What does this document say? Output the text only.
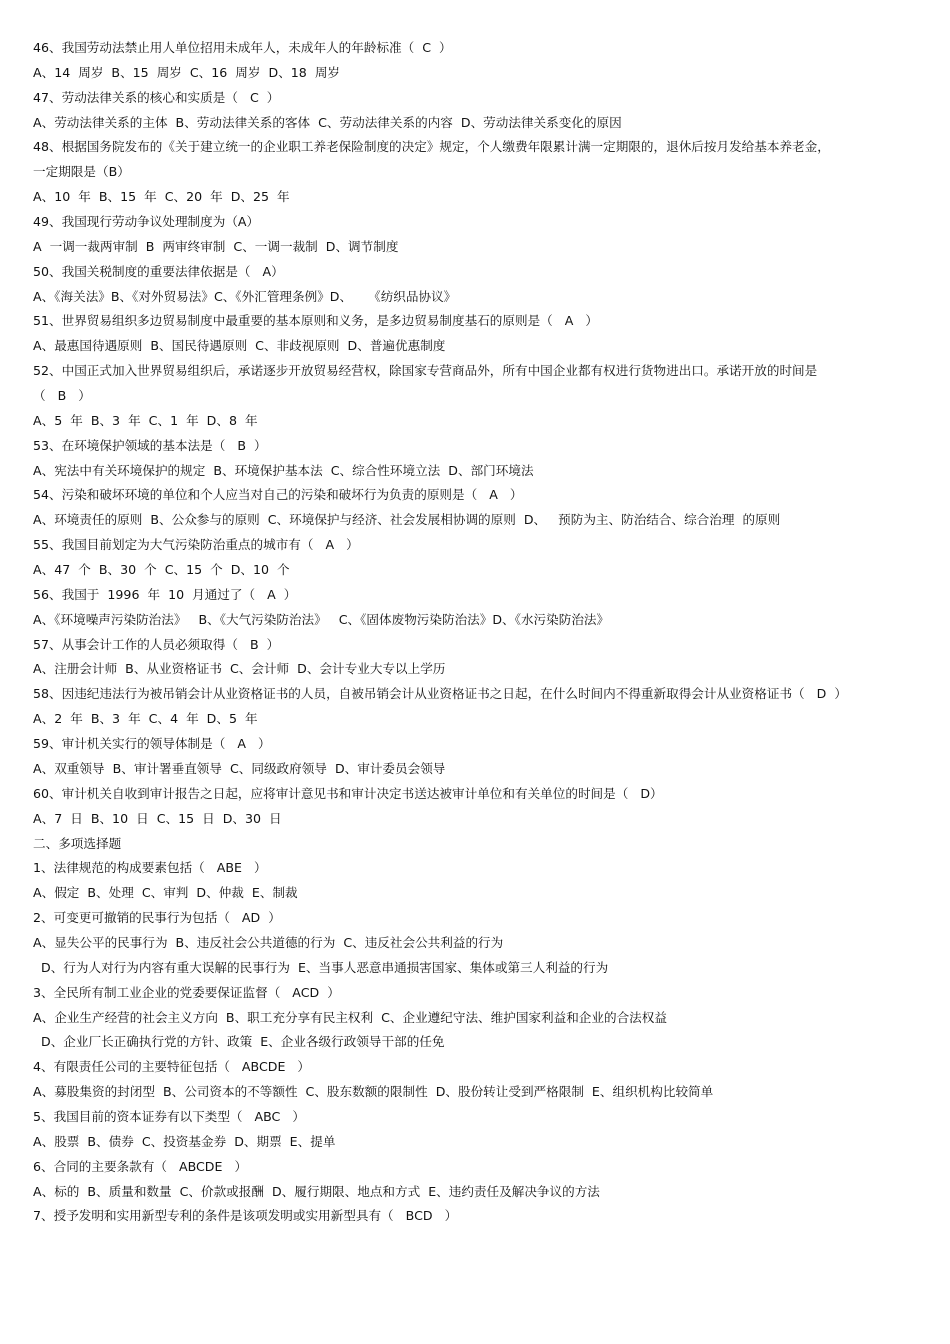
46、我国劳动法禁止用人单位招用未成年人，未成年人的年龄标准（  C  ）
A、14  周岁  B、15  周岁  C、16  周岁  D、18  周岁
47、劳动法律关系的核心和实质是（   C  ）
A、劳动法律关系的主体  B、劳动法律关系的客体  C、劳动法律关系的内容  D、劳动法律关系变化的原因
48、根据国务院发布的《关于建立统一的企业职工养老保险制度的决定》规定，个人缴费年限累计满一定期限的，退休后按月发给基本养老金，
一定期限是（B）
A、10  年  B、15  年  C、20  年  D、25  年
49、我国现行劳动争议处理制度为（A）
A  一调一裁两审制  B  两审终审制  C、一调一裁制  D、调节制度
50、我国关税制度的重要法律依据是（   A）
A、《海关法》B、《对外贸易法》C、《外汇管理条例》D、    《纺织品协议》
51、世界贸易组织多边贸易制度中最重要的基本原则和义务，是多边贸易制度基石的原则是（   A   ）
A、最惠国待遇原则  B、国民待遇原则  C、非歧视原则  D、普遍优惠制度
52、中国正式加入世界贸易组织后，承诺逐步开放贸易经营权，除国家专营商品外，所有中国企业都有权进行货物进出口。承诺开放的时间是
（   B   ）
A、5  年  B、3  年  C、1  年  D、8  年
53、在环境保护领域的基本法是（   B  ）
A、宪法中有关环境保护的规定  B、环境保护基本法  C、综合性环境立法  D、部门环境法
54、污染和破坏环境的单位和个人应当对自己的污染和破坏行为负责的原则是（   A   ）
A、环境责任的原则  B、公众参与的原则  C、环境保护与经济、社会发展相协调的原则  D、   预防为主、防治结合、综合治理  的原则
55、我国目前划定为大气污染防治重点的城市有（   A   ）
A、47  个  B、30  个  C、15  个  D、10  个
56、我国于  1996  年  10  月通过了（   A  ）
A、《环境噪声污染防治法》   B、《大气污染防治法》   C、《固体废物污染防治法》D、《水污染防治法》
57、从事会计工作的人员必须取得（   B  ）
A、注册会计师  B、从业资格证书  C、会计师  D、会计专业大专以上学历
58、因违纪违法行为被吊销会计从业资格证书的人员，自被吊销会计从业资格证书之日起，在什么时间内不得重新取得会计从业资格证书（   D  ）
A、2  年  B、3  年  C、4  年  D、5  年
59、审计机关实行的领导体制是（   A   ）
A、双重领导  B、审计署垂直领导  C、同级政府领导  D、审计委员会领导
60、审计机关自收到审计报告之日起，应将审计意见书和审计决定书送达被审计单位和有关单位的时间是（   D）
A、7  日  B、10  日  C、15  日  D、30  日
二、多项选择题
1、法律规范的构成要素包括（   ABE   ）
A、假定  B、处理  C、审判  D、仲裁  E、制裁
2、可变更可撤销的民事行为包括（   AD  ）
A、显失公平的民事行为  B、违反社会公共道德的行为  C、违反社会公共利益的行为
D、行为人对行为内容有重大误解的民事行为  E、当事人恶意串通损害国家、集体或第三人利益的行为
3、全民所有制工业企业的党委要保证监督（   ACD  ）
A、企业生产经营的社会主义方向  B、职工充分享有民主权利  C、企业遵纪守法、维护国家利益和企业的合法权益
D、企业厂长正确执行党的方针、政策  E、企业各级行政领导干部的任免
4、有限责任公司的主要特征包括（   ABCDE   ）
A、募股集资的封闭型  B、公司资本的不等额性  C、股东数额的限制性  D、股份转让受到严格限制  E、组织机构比较简单
5、我国目前的资本证券有以下类型（   ABC   ）
A、股票  B、债券  C、投资基金券  D、期票  E、提单
6、合同的主要条款有（   ABCDE   ）
A、标的  B、质量和数量  C、价款或报酬  D、履行期限、地点和方式  E、违约责任及解决争议的方法
7、授予发明和实用新型专利的条件是该项发明或实用新型具有（   BCD   ）
